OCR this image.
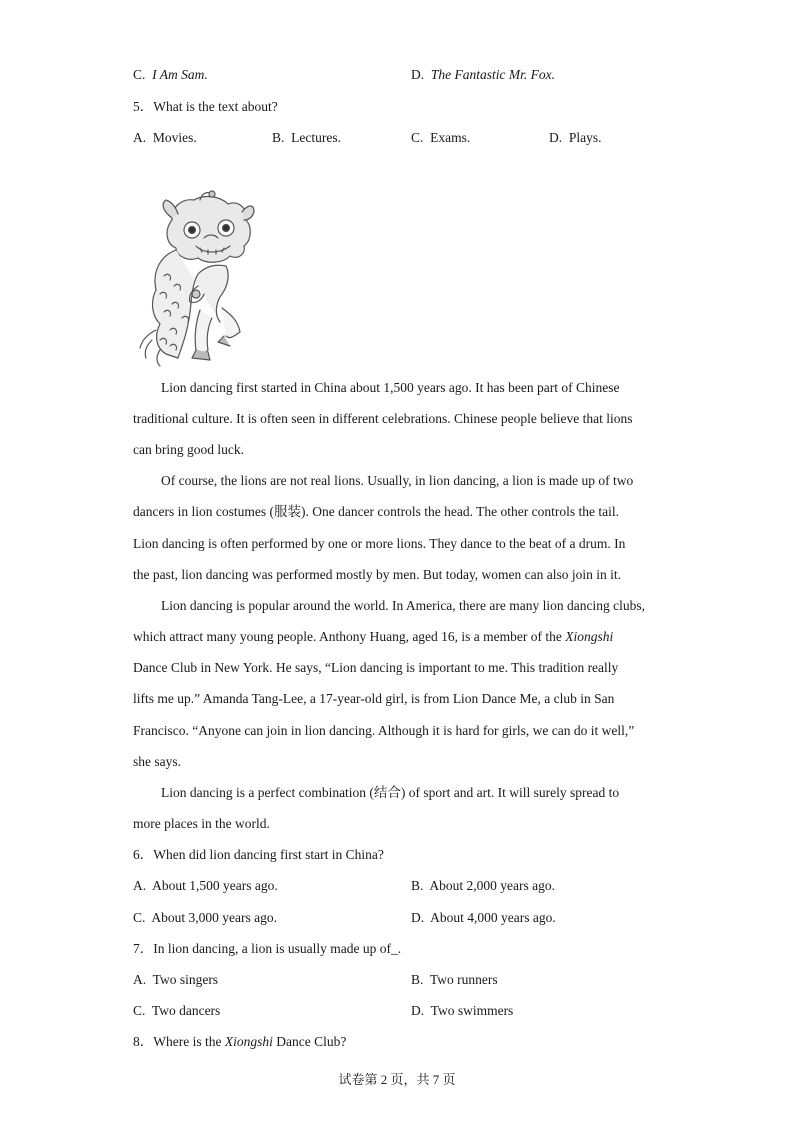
C. I Am Sam.	D. The Fantastic Mr. Fox.
5．What is the text about?
A. Movies.	B. Lectures.	C. Exams.	D. Plays.
Lion dancing first started in China about 1,500 years ago. It has been part of Chinese
traditional culture. It is often seen in different celebrations. Chinese people believe that lions
can bring good luck.
Of course, the lions are not real lions. Usually, in lion dancing, a lion is made up of two
dancers in lion costumes (服装). One dancer controls the head. The other controls the tail.
Lion dancing is often performed by one or more lions. They dance to the beat of a drum. In
the past, lion dancing was performed mostly by men. But today, women can also join in it.
Lion dancing is popular around the world. In America, there are many lion dancing clubs,
which attract many young people. Anthony Huang, aged 16, is a member of the Xiongshi
Dance Club in New York. He says, “Lion dancing is important to me. This tradition really
lifts me up.” Amanda Tang-Lee, a 17-year-old girl, is from Lion Dance Me, a club in San
Francisco. “Anyone can join in lion dancing. Although it is hard for girls, we can do it well,”
she says.
Lion dancing is a perfect combination (结合) of sport and art. It will surely spread to
more places in the world.
6．When did lion dancing first start in China?
A. About 1,500 years ago.	B. About 2,000 years ago.
C. About 3,000 years ago.	D. About 4,000 years ago.
7．In lion dancing, a lion is usually made up of_.
A. Two singers	B. Two runners
C. Two dancers	D. Two swimmers
8．Where is the Xiongshi Dance Club?
试卷第 2 页，共 7 页
